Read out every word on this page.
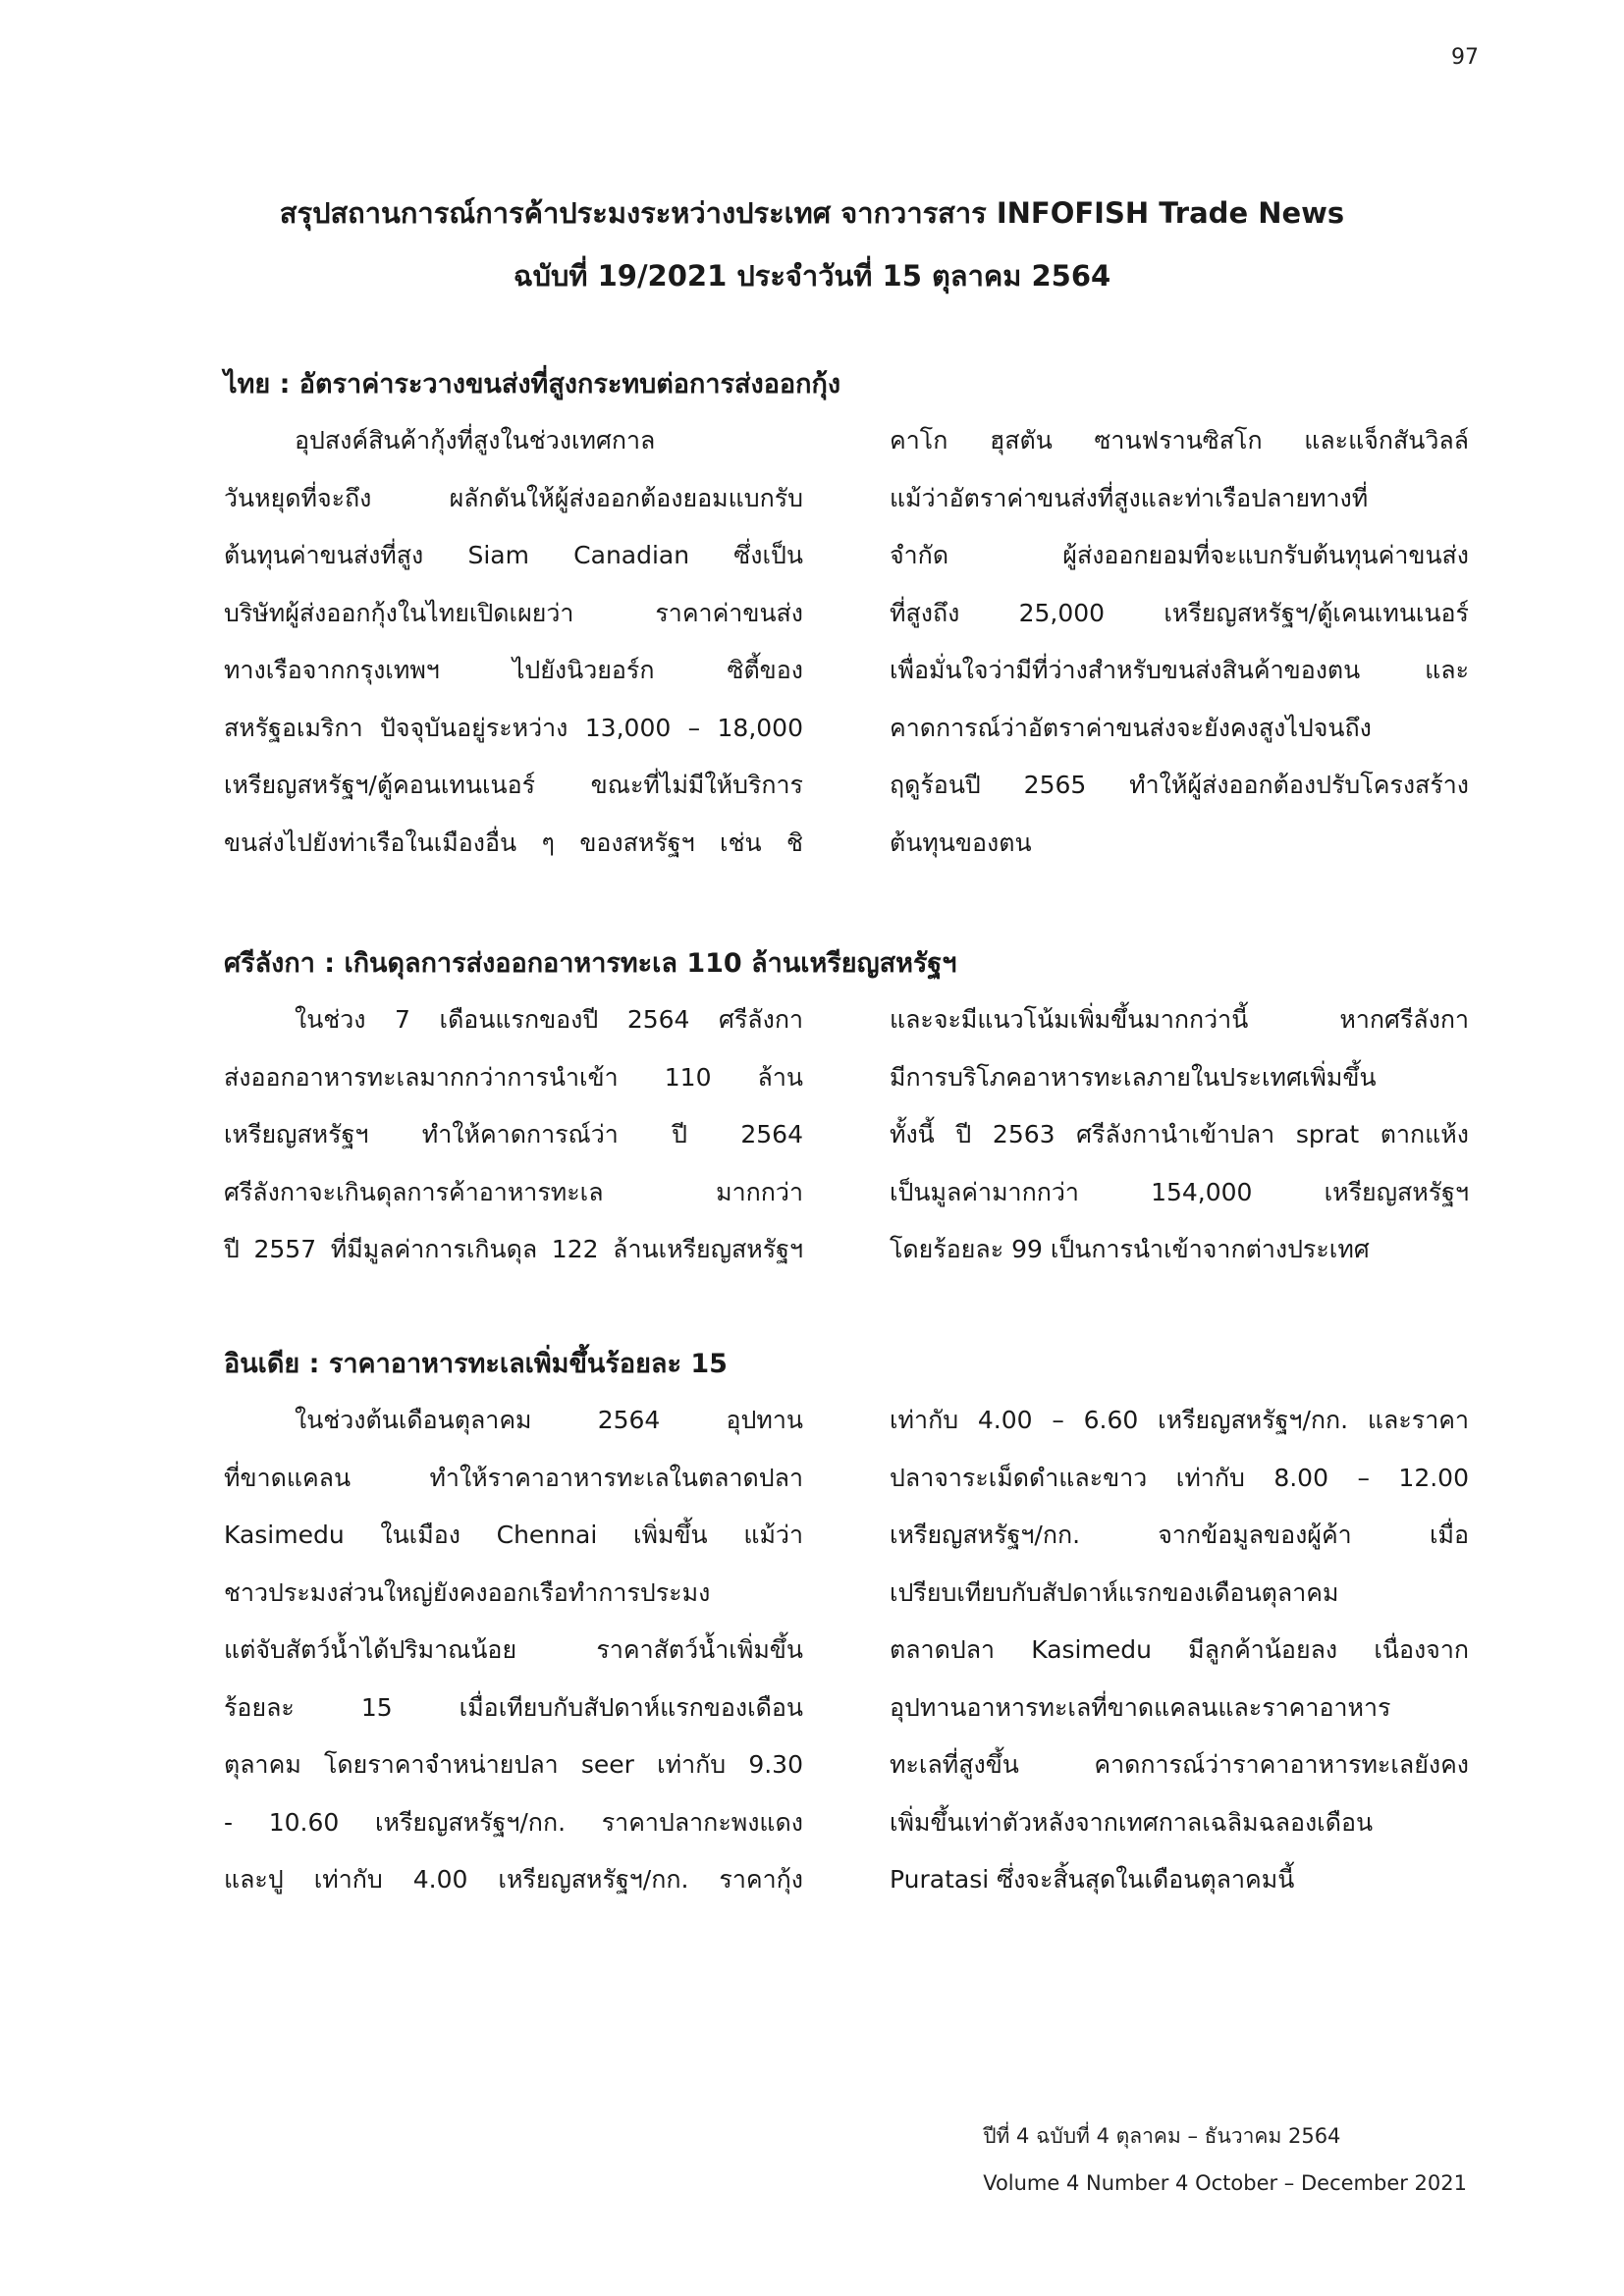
97
สรุปสถานการณ์การค้าประมงระหว่างประเทศ จากวารสาร INFOFISH Trade News
ฉบับที่ 19/2021 ประจำวันที่ 15 ตุลาคม 2564
ไทย : อัตราค่าระวางขนส่งที่สูงกระทบต่อการส่งออกกุ้ง
อุปสงค์สินค้ากุ้งที่สูงในช่วงเทศกาล
วันหยุดที่จะถึง ผลักดันให้ผู้ส่งออกต้องยอมแบกรับ
ต้นทุนค่าขนส่งที่สูง Siam Canadian ซึ่งเป็น
บริษัทผู้ส่งออกกุ้งในไทยเปิดเผยว่า ราคาค่าขนส่ง
ทางเรือจากกรุงเทพฯ ไปยังนิวยอร์ก ซิตี้ของ
สหรัฐอเมริกา ปัจจุบันอยู่ระหว่าง 13,000 – 18,000
เหรียญสหรัฐฯ/ตู้คอนเทนเนอร์ ขณะที่ไม่มีให้บริการ
ขนส่งไปยังท่าเรือในเมืองอื่น ๆ ของสหรัฐฯ เช่น ชิ
คาโก ฮุสตัน ซานฟรานซิสโก และแจ็กสันวิลล์
แม้ว่าอัตราค่าขนส่งที่สูงและท่าเรือปลายทางที่
จำกัด ผู้ส่งออกยอมที่จะแบกรับต้นทุนค่าขนส่ง
ที่สูงถึง 25,000 เหรียญสหรัฐฯ/ตู้เคนเทนเนอร์
เพื่อมั่นใจว่ามีที่ว่างสำหรับขนส่งสินค้าของตน และ
คาดการณ์ว่าอัตราค่าขนส่งจะยังคงสูงไปจนถึง
ฤดูร้อนปี 2565 ทำให้ผู้ส่งออกต้องปรับโครงสร้าง
ต้นทุนของตน
ศรีลังกา : เกินดุลการส่งออกอาหารทะเล 110 ล้านเหรียญสหรัฐฯ
ในช่วง 7 เดือนแรกของปี 2564 ศรีลังกา
ส่งออกอาหารทะเลมากกว่าการนำเข้า 110 ล้าน
เหรียญสหรัฐฯ ทำให้คาดการณ์ว่า ปี 2564
ศรีลังกาจะเกินดุลการค้าอาหารทะเล มากกว่า
ปี 2557 ที่มีมูลค่าการเกินดุล 122 ล้านเหรียญสหรัฐฯ
และจะมีแนวโน้มเพิ่มขึ้นมากกว่านี้ หากศรีลังกา
มีการบริโภคอาหารทะเลภายในประเทศเพิ่มขึ้น
ทั้งนี้ ปี 2563 ศรีลังกานำเข้าปลา sprat ตากแห้ง
เป็นมูลค่ามากกว่า 154,000 เหรียญสหรัฐฯ
โดยร้อยละ 99 เป็นการนำเข้าจากต่างประเทศ
อินเดีย : ราคาอาหารทะเลเพิ่มขึ้นร้อยละ 15
ในช่วงต้นเดือนตุลาคม 2564 อุปทาน
ที่ขาดแคลน ทำให้ราคาอาหารทะเลในตลาดปลา
Kasimedu ในเมือง Chennai เพิ่มขึ้น แม้ว่า
ชาวประมงส่วนใหญ่ยังคงออกเรือทำการประมง
แต่จับสัตว์น้ำได้ปริมาณน้อย ราคาสัตว์น้ำเพิ่มขึ้น
ร้อยละ 15 เมื่อเทียบกับสัปดาห์แรกของเดือน
ตุลาคม โดยราคาจำหน่ายปลา seer เท่ากับ 9.30
- 10.60 เหรียญสหรัฐฯ/กก. ราคาปลากะพงแดง
และปู เท่ากับ 4.00 เหรียญสหรัฐฯ/กก. ราคากุ้ง
เท่ากับ 4.00 – 6.60 เหรียญสหรัฐฯ/กก. และราคา
ปลาจาระเม็ดดำและขาว เท่ากับ 8.00 – 12.00
เหรียญสหรัฐฯ/กก. จากข้อมูลของผู้ค้า เมื่อ
เปรียบเทียบกับสัปดาห์แรกของเดือนตุลาคม
ตลาดปลา Kasimedu มีลูกค้าน้อยลง เนื่องจาก
อุปทานอาหารทะเลที่ขาดแคลนและราคาอาหาร
ทะเลที่สูงขึ้น คาดการณ์ว่าราคาอาหารทะเลยังคง
เพิ่มขึ้นเท่าตัวหลังจากเทศกาลเฉลิมฉลองเดือน
Puratasi ซึ่งจะสิ้นสุดในเดือนตุลาคมนี้
ปีที่ 4 ฉบับที่ 4 ตุลาคม – ธันวาคม 2564
Volume 4 Number 4 October – December 2021
